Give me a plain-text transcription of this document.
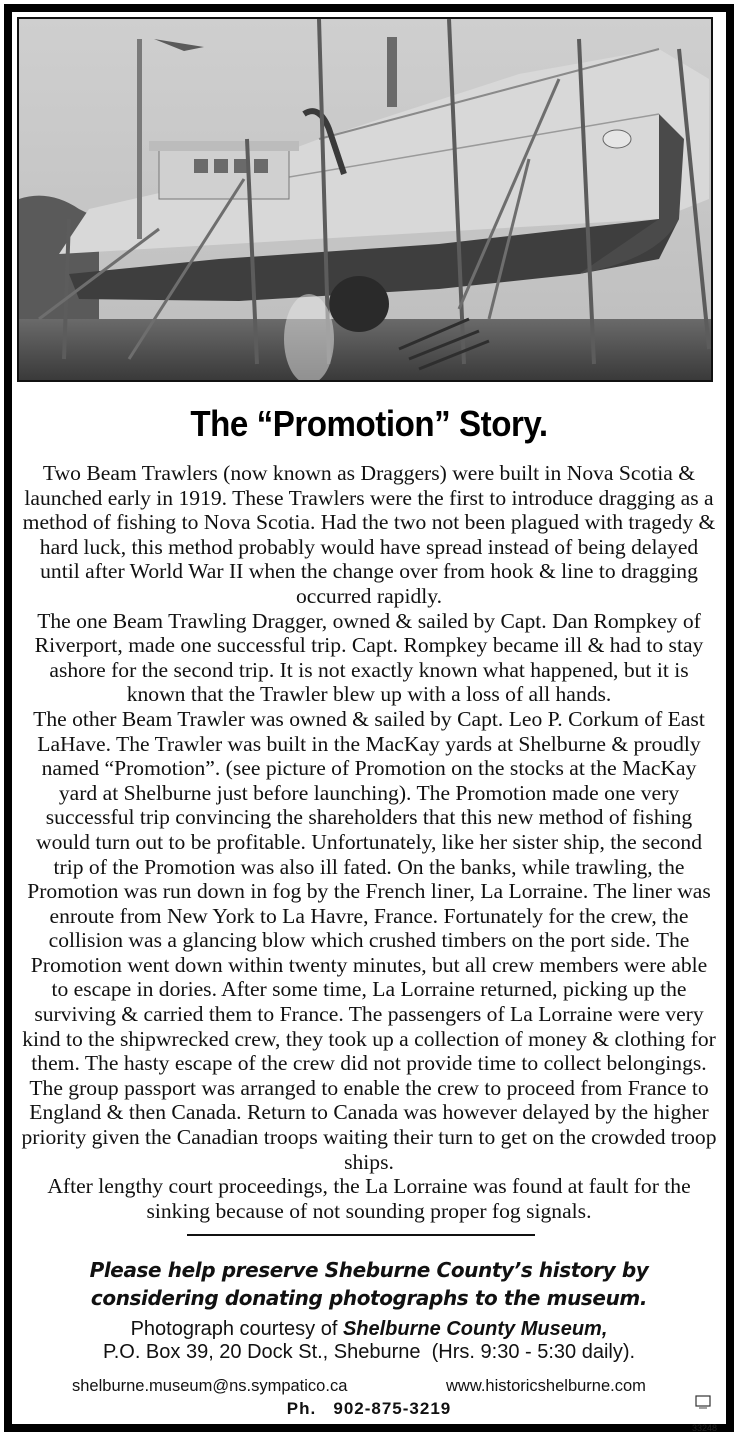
The “Promotion” Story.

Two Beam Trawlers (now known as Draggers) were built in Nova Scotia & launched early in 1919. These Trawlers were the first to introduce dragging as a method of fishing to Nova Scotia. Had the two not been plagued with tragedy & hard luck, this method probably would have spread instead of being delayed until after World War II when the change over from hook & line to dragging occurred rapidly.

The one Beam Trawling Dragger, owned & sailed by Capt. Dan Rompkey of Riverport, made one successful trip. Capt. Rompkey became ill & had to stay ashore for the second trip. It is not exactly known what happened, but it is known that the Trawler blew up with a loss of all hands.

The other Beam Trawler was owned & sailed by Capt. Leo P. Corkum of East LaHave. The Trawler was built in the MacKay yards at Shelburne & proudly named “Promotion”. (see picture of Promotion on the stocks at the MacKay yard at Shelburne just before launching). The Promotion made one very successful trip convincing the shareholders that this new method of fishing would turn out to be profitable. Unfortunately, like her sister ship, the second trip of the Promotion was also ill fated. On the banks, while trawling, the Promotion was run down in fog by the French liner, La Lorraine. The liner was enroute from New York to La Havre, France. Fortunately for the crew, the collision was a glancing blow which crushed timbers on the port side. The Promotion went down within twenty minutes, but all crew members were able to escape in dories. After some time, La Lorraine returned, picking up the surviving & carried them to France. The passengers of La Lorraine were very kind to the shipwrecked crew, they took up a collection of money & clothing for them. The hasty escape of the crew did not provide time to collect belongings.

The group passport was arranged to enable the crew to proceed from France to England & then Canada. Return to Canada was however delayed by the higher priority given the Canadian troops waiting their turn to get on the crowded troop ships.

After lengthy court proceedings, the La Lorraine was found at fault for the sinking because of not sounding proper fog signals.

Please help preserve Sheburne County’s history by
considering donating photographs to the museum.
Photograph courtesy of Shelburne County Museum,
P.O. Box 39, 20 Dock St., Sheburne  (Hrs. 9:30 - 5:30 daily).
shelburne.museum@ns.sympatico.ca	www.historicshelburne.com
Ph.   902-875-3219
33248
